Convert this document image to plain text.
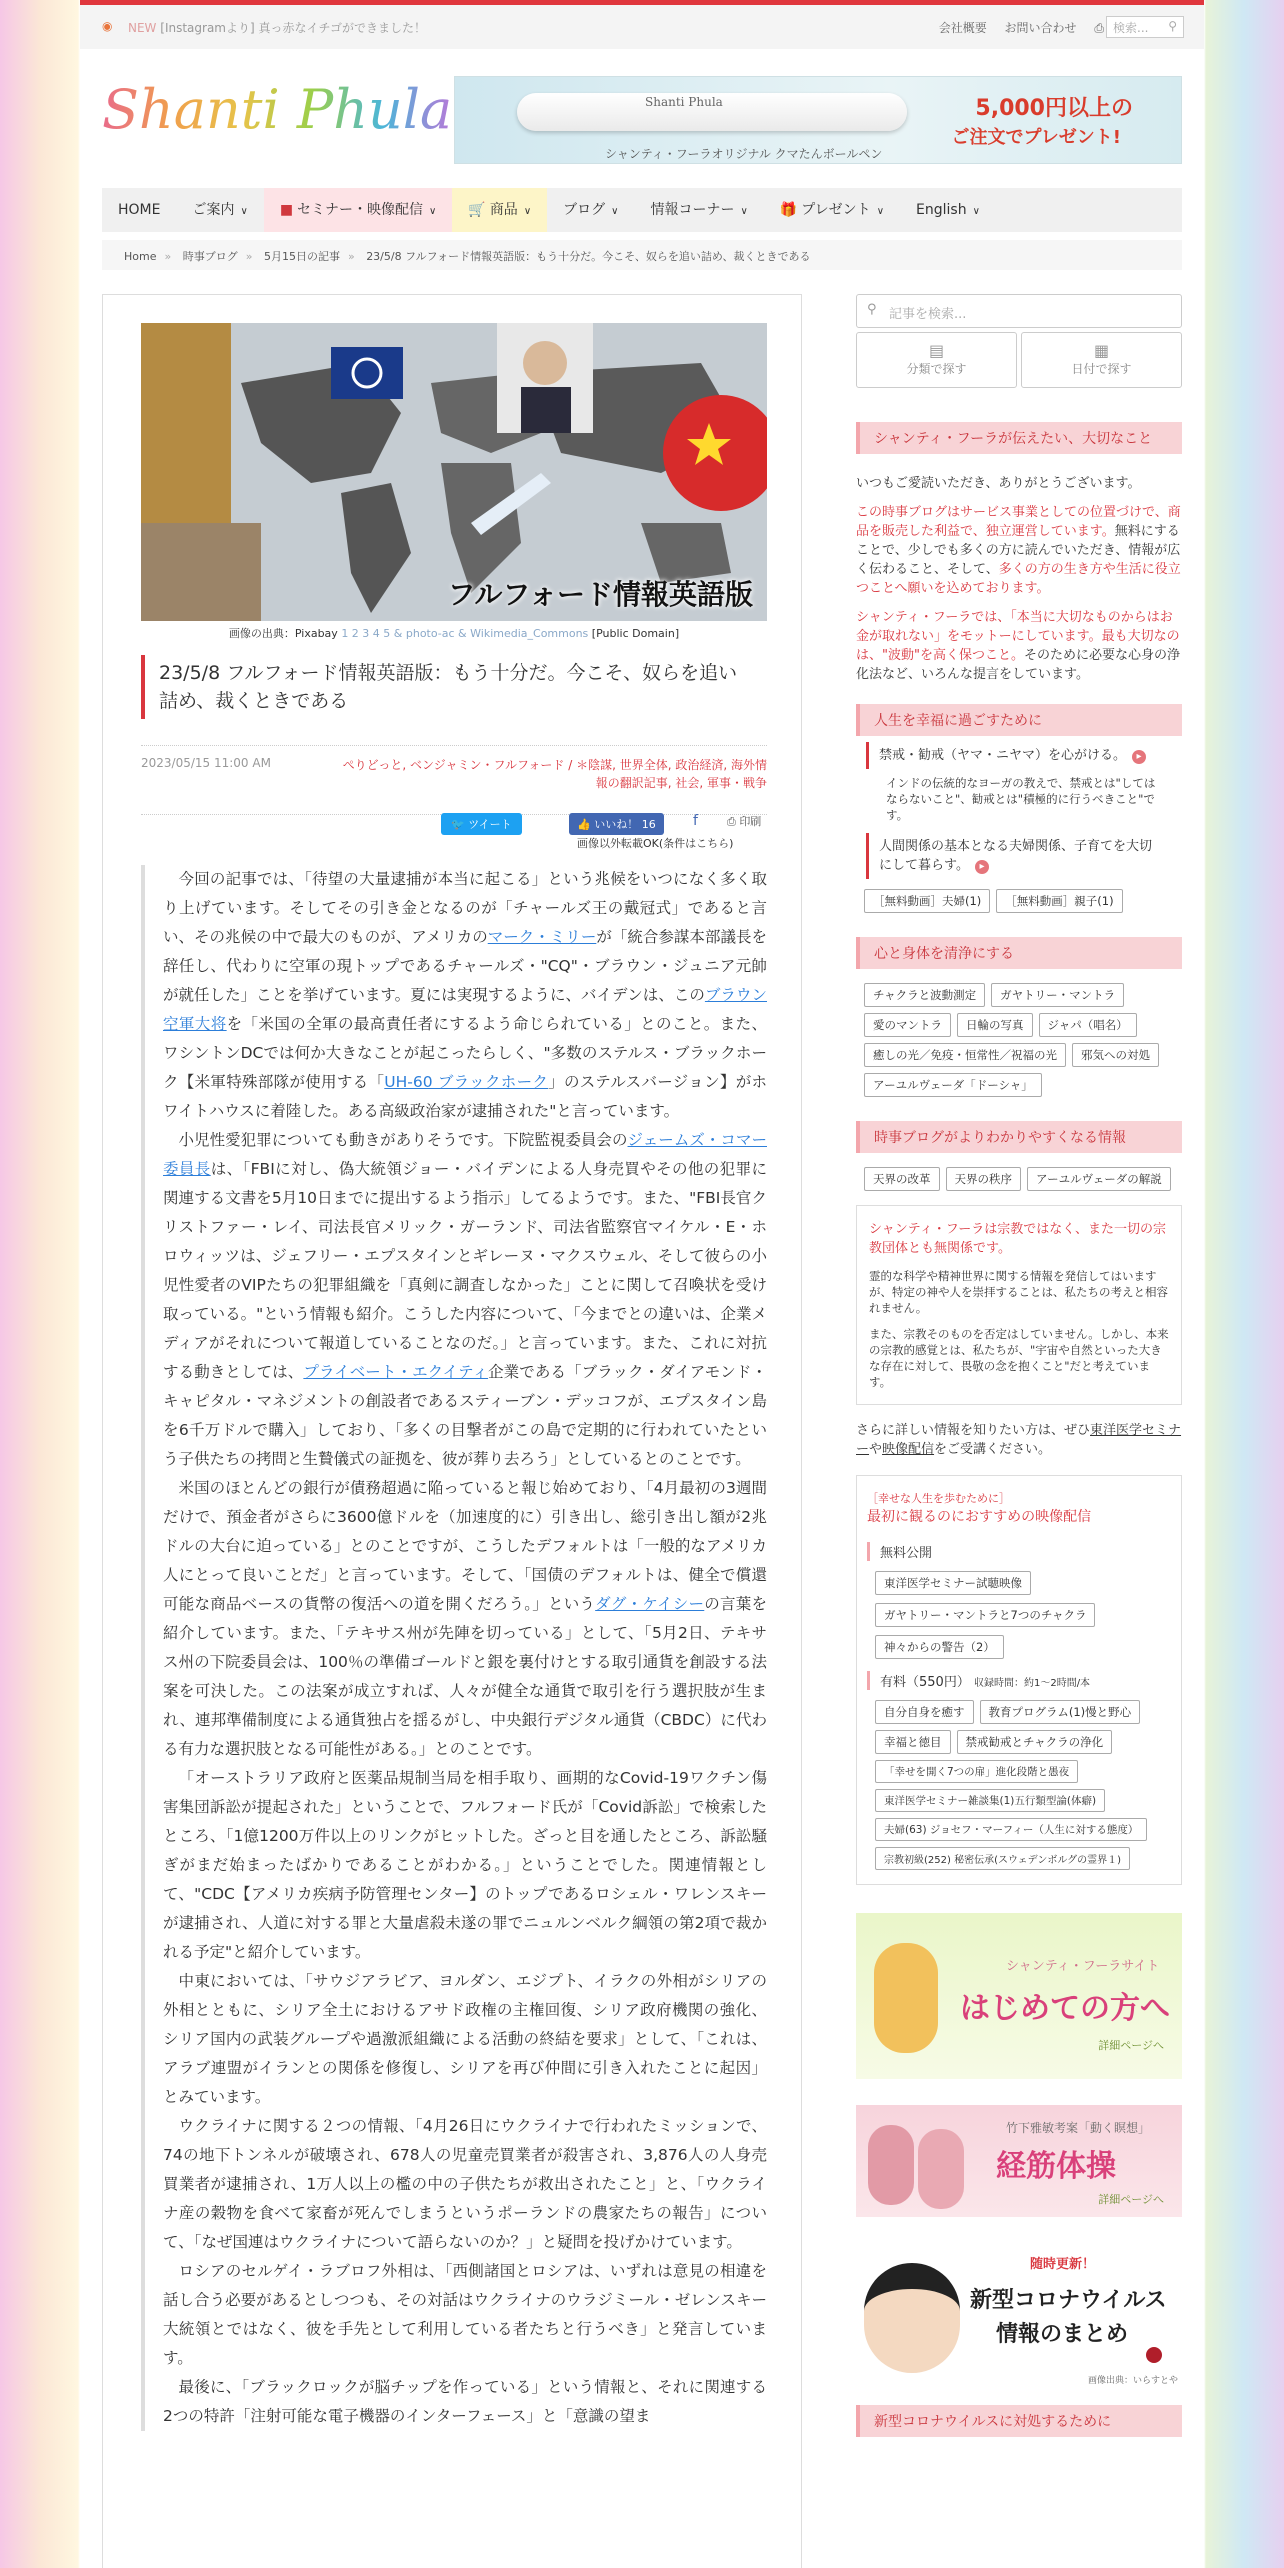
◉ NEW [Instagramより] 真っ赤なイチゴができました！	会社概要 お問い合わせ ⎙ 検索... ⚲
Shanti Phula	Shanti Phula
シャンティ・フーラオリジナル クマたんボールペン
5,000円以上の
ご注文でプレゼント!
HOME	ご案内 ∨	■ セミナー・映像配信 ∨	🛒 商品 ∨	ブログ ∨	情報コーナー ∨	🎁 プレゼント ∨	English ∨
Home » 時事ブログ » 5月15日の記事 » 23/5/8 フルフォード情報英語版：もう十分だ。今こそ、奴らを追い詰め、裁くときである
フルフォード情報英語版
画像の出典：Pixabay 1 2 3 4 5 & photo-ac & Wikimedia_Commons [Public Domain]
23/5/8 フルフォード情報英語版：もう十分だ。今こそ、奴らを追い詰め、裁くときである
2023/05/15 11:00 AM	ぺりどっと, ベンジャミン・フルフォード / ＊陰謀, 世界全体, 政治経済, 海外情報の翻訳記事, 社会, 軍事・戦争
🐦 ツイート	👍 いいね！ 16	f	⎙ 印刷
画像以外転載OK(条件はこちら)

今回の記事では、「待望の大量逮捕が本当に起こる」という兆候をいつになく多く取り上げています。そしてその引き金となるのが「チャールズ王の戴冠式」であると言い、その兆候の中で最大のものが、アメリカのマーク・ミリーが「統合参謀本部議長を辞任し、代わりに空軍の現トップであるチャールズ・"CQ"・ブラウン・ジュニア元帥が就任した」ことを挙げています。夏には実現するように、バイデンは、このブラウン空軍大将を「米国の全軍の最高責任者にするよう命じられている」とのこと。また、ワシントンDCでは何か大きなことが起こったらしく、"多数のステルス・ブラックホーク【米軍特殊部隊が使用する「UH-60 ブラックホーク」のステルスバージョン】がホワイトハウスに着陸した。ある高級政治家が逮捕された"と言っています。

小児性愛犯罪についても動きがありそうです。下院監視委員会のジェームズ・コマー委員長は、「FBIに対し、偽大統領ジョー・バイデンによる人身売買やその他の犯罪に関連する文書を5月10日までに提出するよう指示」してるようです。また、"FBI長官クリストファー・レイ、司法長官メリック・ガーランド、司法省監察官マイケル・E・ホロウィッツは、ジェフリー・エプスタインとギレーヌ・マクスウェル、そして彼らの小児性愛者のVIPたちの犯罪組織を「真剣に調査しなかった」ことに関して召喚状を受け取っている。"という情報も紹介。こうした内容について、「今までとの違いは、企業メディアがそれについて報道していることなのだ。」と言っています。また、これに対抗する動きとしては、プライベート・エクイティ企業である「ブラック・ダイアモンド・キャピタル・マネジメントの創設者であるスティーブン・デッコフが、エプスタイン島を6千万ドルで購入」しており、「多くの目撃者がこの島で定期的に行われていたという子供たちの拷問と生贄儀式の証拠を、彼が葬り去ろう」としているとのことです。

米国のほとんどの銀行が債務超過に陥っていると報じ始めており、「4月最初の3週間だけで、預金者がさらに3600億ドルを（加速度的に）引き出し、総引き出し額が2兆ドルの大台に迫っている」とのことですが、こうしたデフォルトは「一般的なアメリカ人にとって良いことだ」と言っています。そして、「国债のデフォルトは、健全で償還可能な商品ベースの貨幣の復活への道を開くだろう。」というダグ・ケイシーの言葉を紹介しています。また、「テキサス州が先陣を切っている」として、「5月2日、テキサス州の下院委員会は、100％の準備ゴールドと銀を裏付けとする取引通貨を創設する法案を可決した。この法案が成立すれば、人々が健全な通貨で取引を行う選択肢が生まれ、連邦準備制度による通貨独占を揺るがし、中央銀行デジタル通貨（CBDC）に代わる有力な選択肢となる可能性がある。」とのことです。

「オーストラリア政府と医薬品規制当局を相手取り、画期的なCovid-19ワクチン傷害集団訴訟が提起された」ということで、フルフォード氏が「Covid訴訟」で検索したところ、「1億1200万件以上のリンクがヒットした。ざっと目を通したところ、訴訟騒ぎがまだ始まったばかりであることがわかる。」ということでした。関連情報として、"CDC【アメリカ疾病予防管理センター】のトップであるロシェル・ワレンスキーが逮捕され、人道に対する罪と大量虐殺未遂の罪でニュルンベルク綱領の第2項で裁かれる予定"と紹介しています。

中東においては、「サウジアラビア、ヨルダン、エジプト、イラクの外相がシリアの外相とともに、シリア全土におけるアサド政権の主権回復、シリア政府機関の強化、シリア国内の武装グループや過激派組織による活動の終結を要求」として、「これは、アラブ連盟がイランとの関係を修復し、シリアを再び仲間に引き入れたことに起因」とみています。

ウクライナに関する２つの情報、「4月26日にウクライナで行われたミッションで、74の地下トンネルが破壊され、678人の児童売買業者が殺害され、3,876人の人身売買業者が逮捕され、1万人以上の檻の中の子供たちが救出されたこと」と、「ウクライナ産の穀物を食べて家畜が死んでしまうというポーランドの農家たちの報告」について、「なぜ国連はウクライナについて語らないのか？」と疑問を投げかけています。

ロシアのセルゲイ・ラブロフ外相は、「西側諸国とロシアは、いずれは意見の相違を話し合う必要があるとしつつも、その対話はウクライナのウラジミール・ゼレンスキー大統領とではなく、彼を手先として利用している者たちと行うべき」と発言しています。

最後に、「ブラックロックが脳チップを作っている」という情報と、それに関連する2つの特許「注射可能な電子機器のインターフェース」と「意識の望ま

⚲ 記事を検索...
▤
分類で探す
▦
日付で探す
シャンティ・フーラが伝えたい、大切なこと

いつもご愛読いただき、ありがとうございます。

この時事ブログはサービス事業としての位置づけで、商品を販売した利益で、独立運営しています。無料にすることで、少しでも多くの方に読んでいただき、情報が広く伝わること、そして、多くの方の生き方や生活に役立つことへ願いを込めております。

シャンティ・フーラでは、「本当に大切なものからはお金が取れない」をモットーにしています。最も大切なのは、"波動"を高く保つこと。そのために必要な心身の浄化法など、いろんな提言をしています。

人生を幸福に過ごすために
禁戒・勧戒（ヤマ・ニヤマ）を心がける。 ▸
インドの伝統的なヨーガの教えで、禁戒とは"してはならないこと"、勧戒とは"積極的に行うべきこと"です。
人間関係の基本となる夫婦関係、子育てを大切にして暮らす。 ▸
［無料動画］夫婦(1)	［無料動画］親子(1)
心と身体を清浄にする
チャクラと波動測定	ガヤトリー・マントラ
愛のマントラ	日輪の写真	ジャパ（唱名）
癒しの光／免疫・恒常性／祝福の光	邪気への対処
アーユルヴェーダ「ドーシャ」
時事ブログがよりわかりやすくなる情報
天界の改革	天界の秩序	アーユルヴェーダの解説

シャンティ・フーラは宗教ではなく、また一切の宗教団体とも無関係です。

霊的な科学や精神世界に関する情報を発信してはいますが、特定の神や人を崇拝することは、私たちの考えと相容れません。

また、宗教そのものを否定はしていません。しかし、本来の宗教的感覚とは、私たちが、"宇宙や自然といった大きな存在に対して、畏敬の念を抱くこと"だと考えています。

さらに詳しい情報を知りたい方は、ぜひ東洋医学セミナーや映像配信をご受講ください。

［幸せな人生を歩むために］
最初に観るのにおすすめの映像配信
無料公開
東洋医学セミナー試聴映像
ガヤトリー・マントラと7つのチャクラ
神々からの警告（2）
有料（550円） 収録時間：約1〜2時間/本
自分自身を癒す	教育プログラム(1)慢と野心
幸福と徳目	禁戒勧戒とチャクラの浄化
「幸せを開く7つの扉」進化段階と愚夜
東洋医学セミナー雑談集(1)五行類型論(体癖)
夫婦(63) ジョセフ・マーフィー（人生に対する態度）
宗教初級(252) 秘密伝承(スウェデンボルグの霊界１)
シャンティ・フーラサイト
はじめての方へ
詳細ページへ
竹下雅敏考案「動く瞑想」
経筋体操
詳細ページへ
随時更新！
新型コロナウイルス
情報のまとめ
画像出典：いらすとや
新型コロナウイルスに対処するために
